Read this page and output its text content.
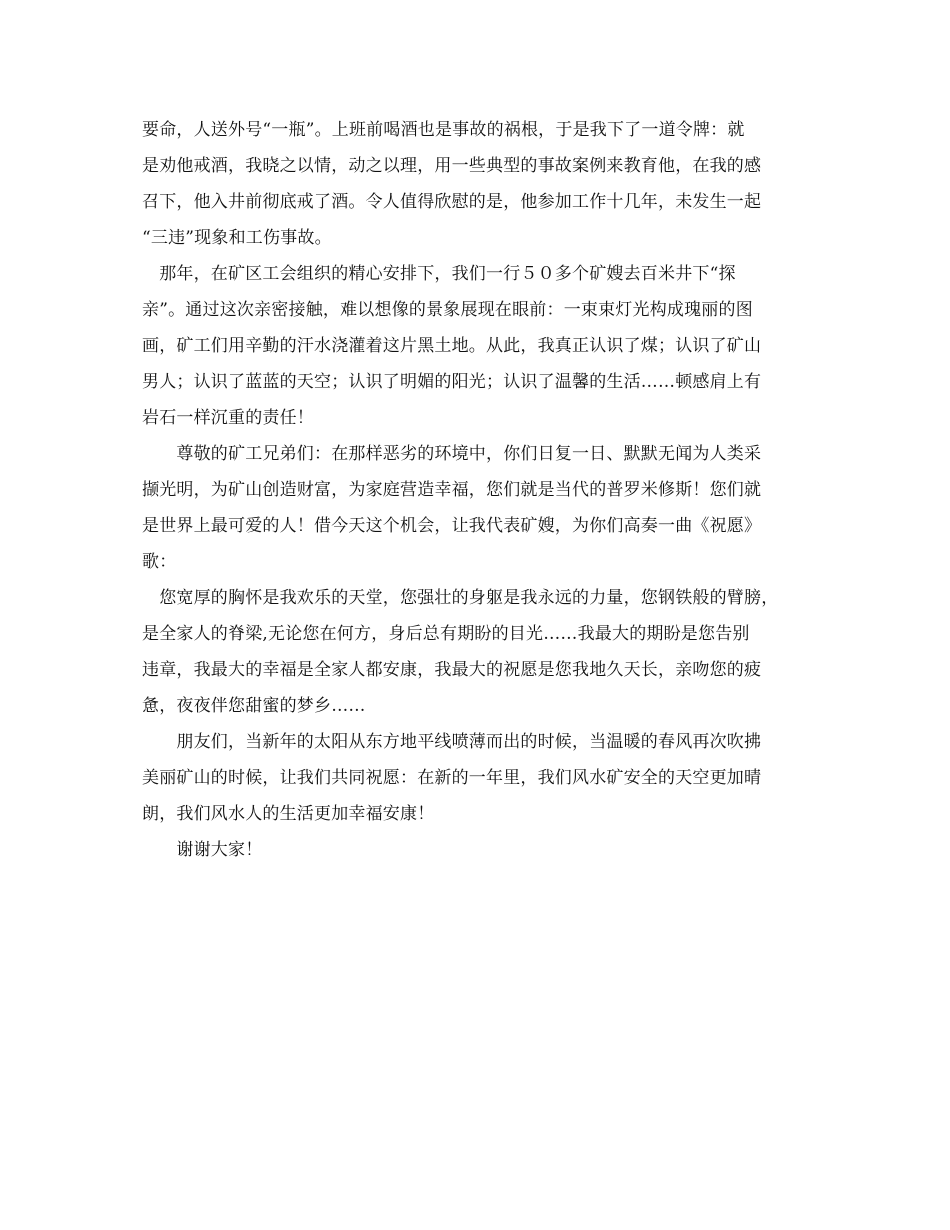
要命，人送外号“一瓶”。上班前喝酒也是事故的祸根，于是我下了一道令牌：就
是劝他戒酒，我晓之以情，动之以理，用一些典型的事故案例来教育他，在我的感
召下，他入井前彻底戒了酒。令人值得欣慰的是，他参加工作十几年，未发生一起
“三违”现象和工伤事故。
　那年，在矿区工会组织的精心安排下，我们一行５０多个矿嫂去百米井下“探
亲”。通过这次亲密接触，难以想像的景象展现在眼前：一束束灯光构成瑰丽的图
画，矿工们用辛勤的汗水浇灌着这片黑土地。从此，我真正认识了煤；认识了矿山
男人；认识了蓝蓝的天空；认识了明媚的阳光；认识了温馨的生活……顿感肩上有
岩石一样沉重的责任！
　　尊敬的矿工兄弟们：在那样恶劣的环境中，你们日复一日、默默无闻为人类采
撷光明，为矿山创造财富，为家庭营造幸福，您们就是当代的普罗米修斯！您们就
是世界上最可爱的人！借今天这个机会，让我代表矿嫂，为你们高奏一曲《祝愿》
歌：
　您宽厚的胸怀是我欢乐的天堂，您强壮的身躯是我永远的力量，您钢铁般的臂膀，
是全家人的脊梁,无论您在何方，身后总有期盼的目光……我最大的期盼是您告别
违章，我最大的幸福是全家人都安康，我最大的祝愿是您我地久天长，亲吻您的疲
惫，夜夜伴您甜蜜的梦乡……
　　朋友们，当新年的太阳从东方地平线喷薄而出的时候，当温暖的春风再次吹拂
美丽矿山的时候，让我们共同祝愿：在新的一年里，我们风水矿安全的天空更加晴
朗，我们风水人的生活更加幸福安康！
　　谢谢大家！
